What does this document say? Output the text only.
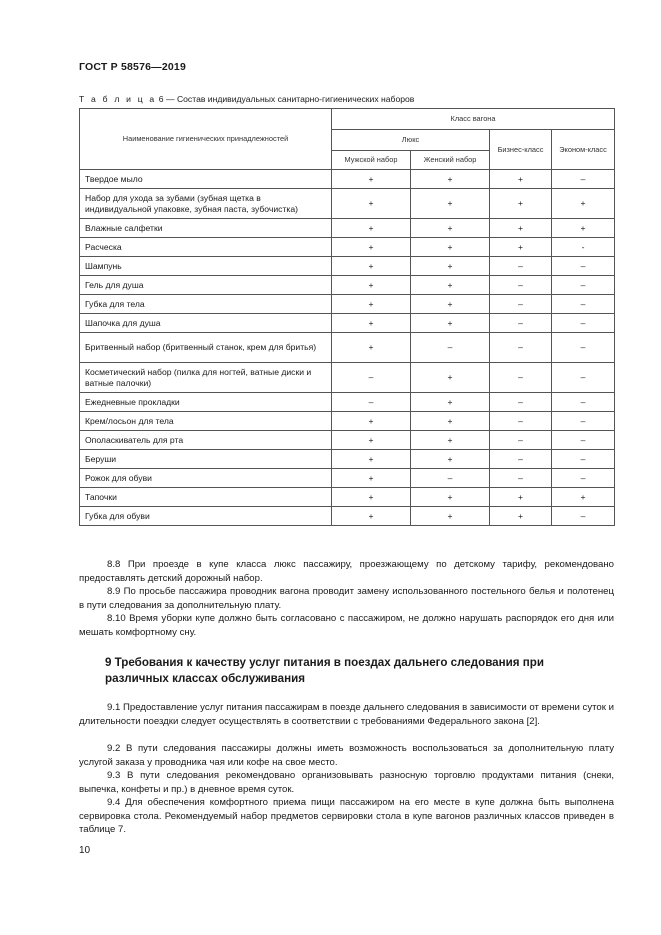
ГОСТ Р 58576—2019
Т а б л и ц а 6 — Состав индивидуальных санитарно-гигиенических наборов
Наименование гигиенических принадлежностей	Класс вагона			
	Люкс		Бизнес-класс	Эконом-класс
	Мужской набор	Женский набор		
Твердое мыло	+	+	+	–
Набор для ухода за зубами (зубная щетка в индивидуальной упаковке, зубная паста, зубочистка)	+	+	+	+
Влажные салфетки	+	+	+	+
Расческа	+	+	+	-
Шампунь	+	+	–	–
Гель для душа	+	+	–	–
Губка для тела	+	+	–	–
Шапочка для душа	+	+	–	–
Бритвенный набор (бритвенный станок, крем для бритья)	+	–	–	–
Косметический набор (пилка для ногтей, ватные диски и ватные палочки)	–	+	–	–
Ежедневные прокладки	–	+	–	–
Крем/лосьон для тела	+	+	–	–
Ополаскиватель для рта	+	+	–	–
Беруши	+	+	–	–
Рожок для обуви	+	–	–	–
Тапочки	+	+	+	+
Губка для обуви	+	+	+	–

8.8 При проезде в купе класса люкс пассажиру, проезжающему по детскому тарифу, рекомендовано предоставлять детский дорожный набор.

8.9 По просьбе пассажира проводник вагона проводит замену использованного постельного белья и полотенец в пути следования за дополнительную плату.

8.10 Время уборки купе должно быть согласовано с пассажиром, не должно нарушать распорядок его дня или мешать комфортному сну.

9 Требования к качеству услуг питания в поездах дальнего следования при различных классах обслуживания

9.1 Предоставление услуг питания пассажирам в поезде дальнего следования в зависимости от времени суток и длительности поездки следует осуществлять в соответствии с требованиями Федерального закона [2].

9.2 В пути следования пассажиры должны иметь возможность воспользоваться за дополнительную плату услугой заказа у проводника чая или кофе на свое место.

9.3 В пути следования рекомендовано организовывать разносную торговлю продуктами питания (снеки, выпечка, конфеты и пр.) в дневное время суток.

9.4 Для обеспечения комфортного приема пищи пассажиром на его месте в купе должна быть выполнена сервировка стола. Рекомендуемый набор предметов сервировки стола в купе вагонов различных классов приведен в таблице 7.

10
